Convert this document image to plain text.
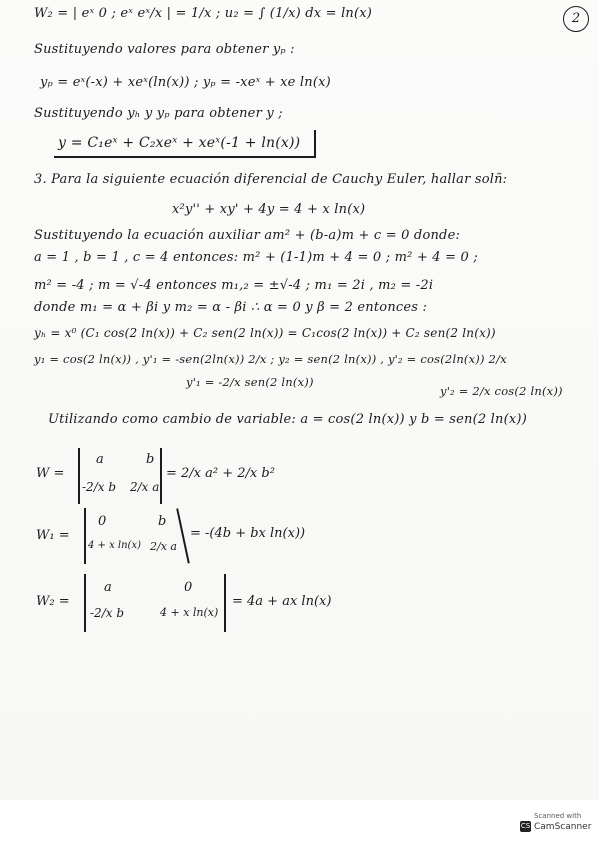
2
W₂ = | eˣ 0 ; eˣ eˣ/x | = 1/x ; u₂ = ∫ (1/x) dx = ln(x)
Sustituyendo valores para obtener yₚ :
yₚ = eˣ(-x) + xeˣ(ln(x)) ; yₚ = -xeˣ + xe ln(x)
Sustituyendo yₕ y yₚ para obtener y ;
y = C₁eˣ + C₂xeˣ + xeˣ(-1 + ln(x))
3. Para la siguiente ecuación diferencial de Cauchy Euler, hallar solñ:
x²y'' + xy' + 4y = 4 + x ln(x)
Sustituyendo la ecuación auxiliar am² + (b-a)m + c = 0 donde:
a = 1 , b = 1 , c = 4 entonces: m² + (1-1)m + 4 = 0 ; m² + 4 = 0 ;
m² = -4 ; m = √-4 entonces m₁,₂ = ±√-4 ; m₁ = 2i , m₂ = -2i
donde m₁ = α + βi y m₂ = α - βi ∴ α = 0 y β = 2 entonces :
yₕ = x⁰ (C₁ cos(2 ln(x)) + C₂ sen(2 ln(x)) = C₁cos(2 ln(x)) + C₂ sen(2 ln(x))
y₁ = cos(2 ln(x)) , y'₁ = -sen(2ln(x)) 2/x ; y₂ = sen(2 ln(x)) , y'₂ = cos(2ln(x)) 2/x
y'₁ = -2/x sen(2 ln(x))
y'₂ = 2/x cos(2 ln(x))
Utilizando como cambio de variable: a = cos(2 ln(x)) y b = sen(2 ln(x))
W =
a	b
-2/x b 2/x a
= 2/x a² + 2/x b²
W₁ =
0	b
4 + x ln(x) 2/x a
= -(4b + bx ln(x))
W₂ =
a	0
-2/x b	4 + x ln(x)
= 4a + ax ln(x)
Scanned with
CS CamScanner
